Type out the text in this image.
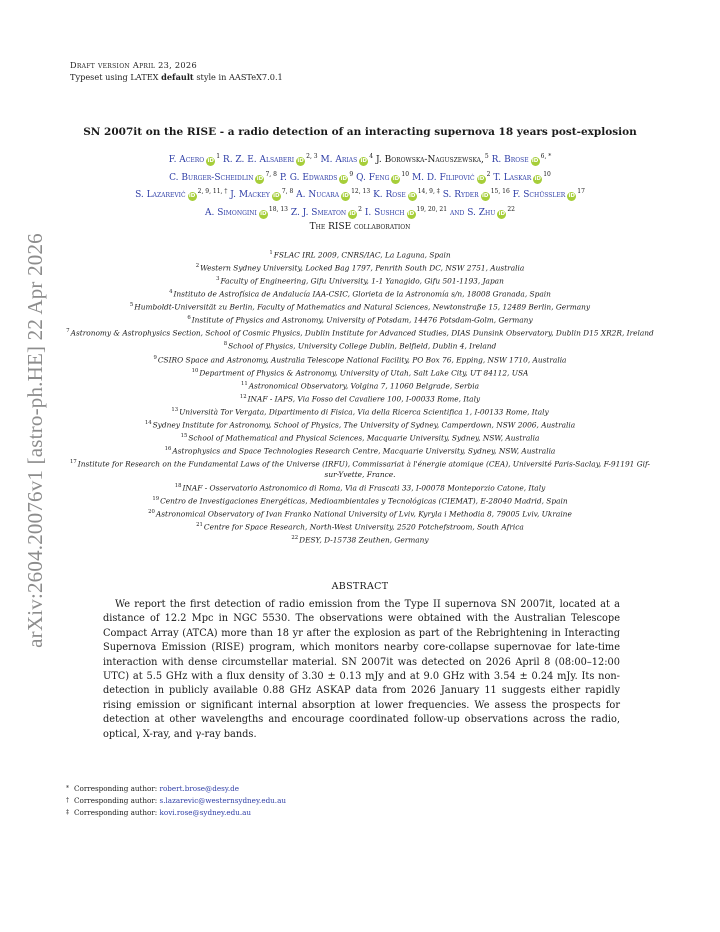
arXiv:2604.20076v1 [astro-ph.HE] 22 Apr 2026
Draft version April 23, 2026
Typeset using LATEX default style in AASTeX7.0.1
SN 2007it on the RISE - a radio detection of an interacting supernova 18 years post-explosion
F. Acero iD$^1$ R. Z. E. Alsaberi iD$^{2, 3}$ M. Arias iD$^4$ J. Borowska-Naguszewska,$^5$ R. Brose iD$^{6, *}$
C. Burger-Scheidlin iD$^{7, 8}$ P. G. Edwards iD$^9$ Q. Feng iD$^{10}$ M. D. Filipović iD$^2$ T. Laskar iD$^{10}$
S. Lazarević iD$^{2, 9, 11, \dagger}$ J. Mackey iD$^{7, 8}$ A. Nucara iD$^{12, 13}$ K. Rose iD$^{14, 9, \ddagger}$ S. Ryder iD$^{15, 16}$ F. Schüssler iD$^{17}$
A. Simongini iD$^{18, 13}$ Z. J. Smeaton iD$^2$ I. Sushch iD$^{19, 20, 21}$ and S. Zhu iD$^{22}$
The RISE collaboration
$^1$FSLAC IRL 2009, CNRS/IAC, La Laguna, Spain
$^2$Western Sydney University, Locked Bag 1797, Penrith South DC, NSW 2751, Australia
$^3$Faculty of Engineering, Gifu University, 1-1 Yanagido, Gifu 501-1193, Japan
$^4$Instituto de Astrofísica de Andalucía IAA-CSIC, Glorieta de la Astronomía s/n, 18008 Granada, Spain
$^5$Humboldt-Universität zu Berlin, Faculty of Mathematics and Natural Sciences, Newtonstraße 15, 12489 Berlin, Germany
$^6$Institute of Physics and Astronomy, University of Potsdam, 14476 Potsdam-Golm, Germany
$^7$Astronomy & Astrophysics Section, School of Cosmic Physics, Dublin Institute for Advanced Studies, DIAS Dunsink Observatory, Dublin D15 XR2R, Ireland
$^8$School of Physics, University College Dublin, Belfield, Dublin 4, Ireland
$^9$CSIRO Space and Astronomy, Australia Telescope National Facility, PO Box 76, Epping, NSW 1710, Australia
$^{10}$Department of Physics & Astronomy, University of Utah, Salt Lake City, UT 84112, USA
$^{11}$Astronomical Observatory, Volgina 7, 11060 Belgrade, Serbia
$^{12}$INAF - IAPS, Via Fosso del Cavaliere 100, I-00033 Rome, Italy
$^{13}$Università Tor Vergata, Dipartimento di Fisica, Via della Ricerca Scientifica 1, I-00133 Rome, Italy
$^{14}$Sydney Institute for Astronomy, School of Physics, The University of Sydney, Camperdown, NSW 2006, Australia
$^{15}$School of Mathematical and Physical Sciences, Macquarie University, Sydney, NSW, Australia
$^{16}$Astrophysics and Space Technologies Research Centre, Macquarie University, Sydney, NSW, Australia
$^{17}$Institute for Research on the Fundamental Laws of the Universe (IRFU), Commissariat à l'énergie atomique (CEA), Université Paris-Saclay, F-91191 Gif-sur-Yvette, France.
$^{18}$INAF - Osservatorio Astronomico di Roma, Via di Frascati 33, I-00078 Monteporzio Catone, Italy
$^{19}$Centro de Investigaciones Energéticas, Medioambientales y Tecnológicas (CIEMAT), E-28040 Madrid, Spain
$^{20}$Astronomical Observatory of Ivan Franko National University of Lviv, Kyryla i Methodia 8, 79005 Lviv, Ukraine
$^{21}$Centre for Space Research, North-West University, 2520 Potchefstroom, South Africa
$^{22}$DESY, D-15738 Zeuthen, Germany
ABSTRACT
We report the first detection of radio emission from the Type II supernova SN 2007it, located at a distance of 12.2 Mpc in NGC 5530. The observations were obtained with the Australian Telescope Compact Array (ATCA) more than 18 yr after the explosion as part of the Rebrightening in Interacting Supernova Emission (RISE) program, which monitors nearby core-collapse supernovae for late-time interaction with dense circumstellar material. SN 2007it was detected on 2026 April 8 (08:00–12:00 UTC) at 5.5 GHz with a flux density of 3.30 ± 0.13 mJy and at 9.0 GHz with 3.54 ± 0.24 mJy. Its non-detection in publicly available 0.88 GHz ASKAP data from 2026 January 11 suggests either rapidly rising emission or significant internal absorption at lower frequencies. We assess the prospects for detection at other wavelengths and encourage coordinated follow-up observations across the radio, optical, X-ray, and γ-ray bands.
* Corresponding author: robert.brose@desy.de
† Corresponding author: s.lazarevic@westernsydney.edu.au
‡ Corresponding author: kovi.rose@sydney.edu.au
